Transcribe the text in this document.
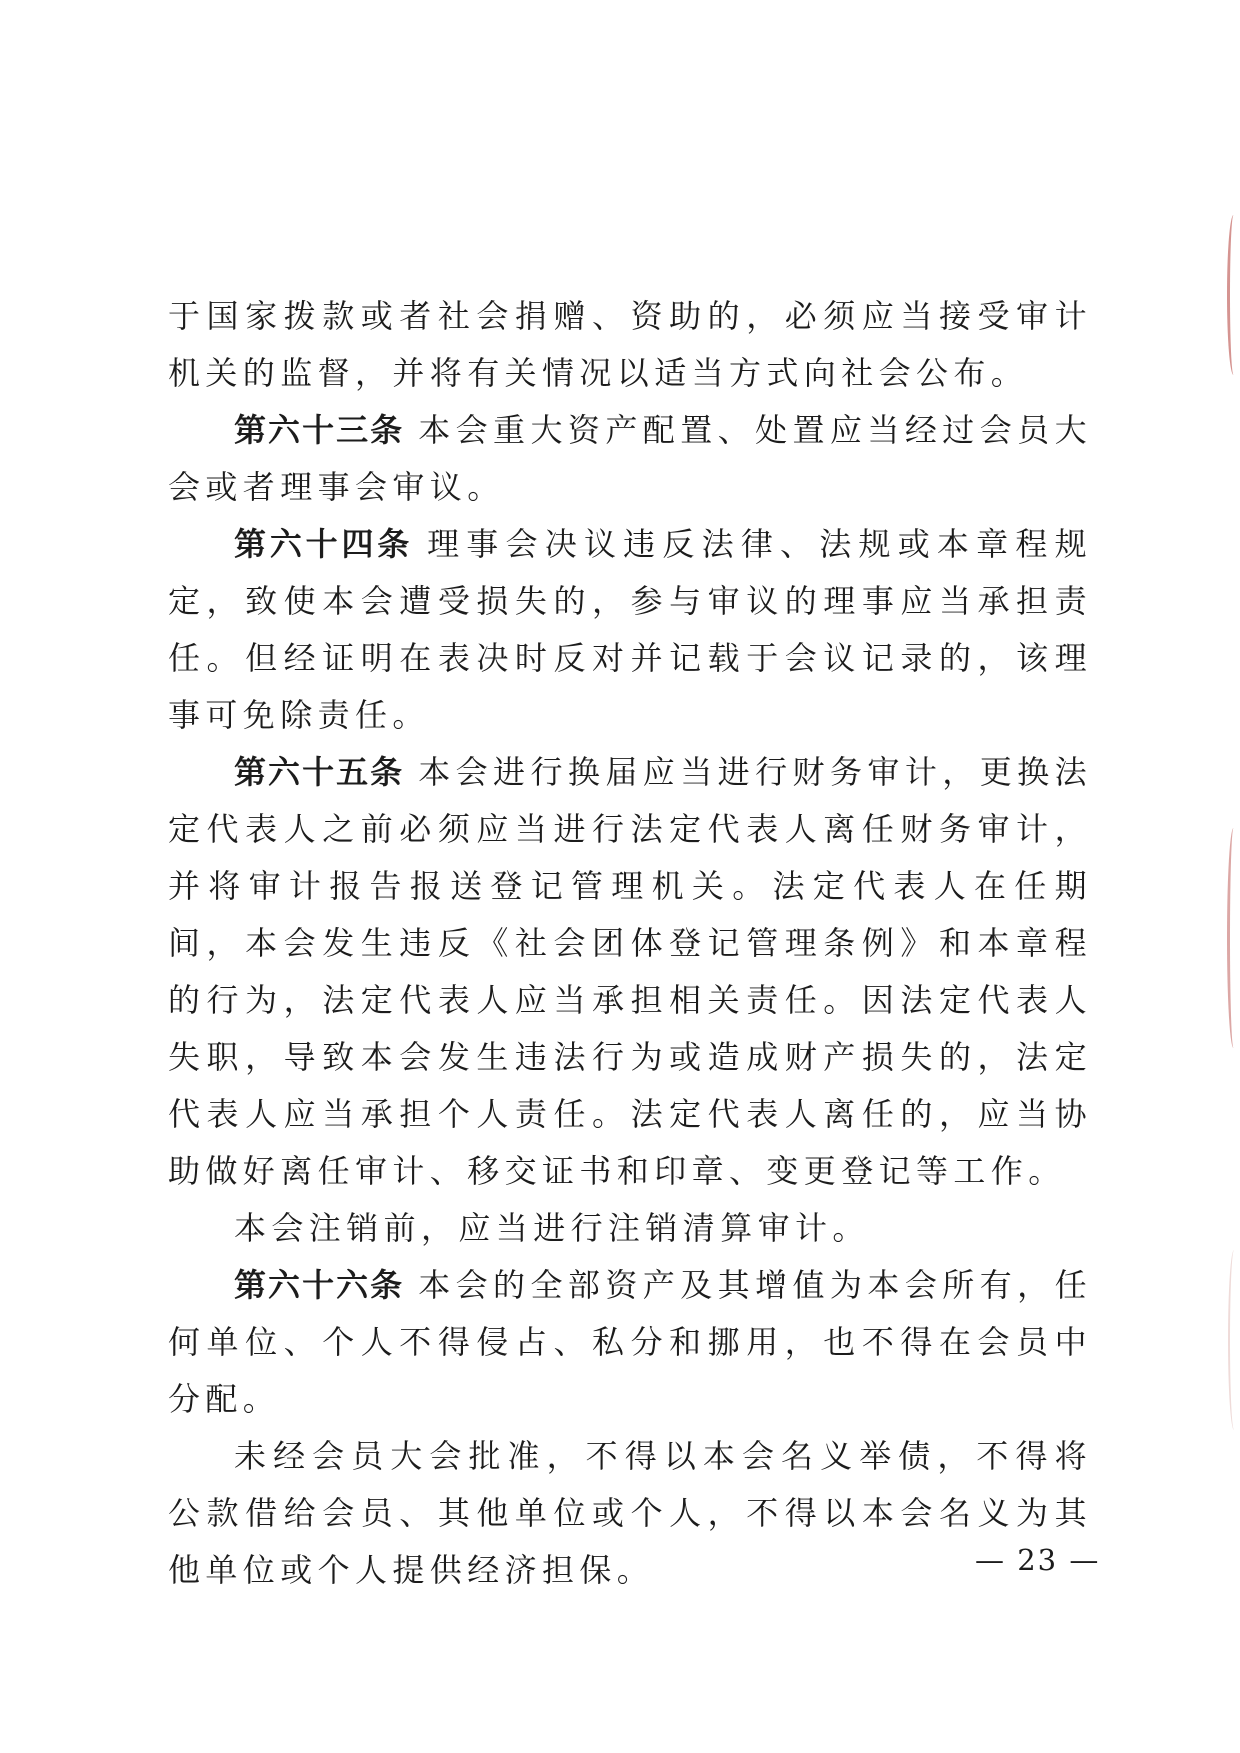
于国家拨款或者社会捐赠、资助的，必须应当接受审计机关的监督，并将有关情况以适当方式向社会公布。

第六十三条 本会重大资产配置、处置应当经过会员大会或者理事会审议。

第六十四条 理事会决议违反法律、法规或本章程规定，致使本会遭受损失的，参与审议的理事应当承担责任。但经证明在表决时反对并记载于会议记录的，该理事可免除责任。

第六十五条 本会进行换届应当进行财务审计，更换法定代表人之前必须应当进行法定代表人离任财务审计，并将审计报告报送登记管理机关。法定代表人在任期间，本会发生违反《社会团体登记管理条例》和本章程的行为，法定代表人应当承担相关责任。因法定代表人失职，导致本会发生违法行为或造成财产损失的，法定代表人应当承担个人责任。法定代表人离任的，应当协助做好离任审计、移交证书和印章、变更登记等工作。

本会注销前，应当进行注销清算审计。

第六十六条 本会的全部资产及其增值为本会所有，任何单位、个人不得侵占、私分和挪用，也不得在会员中分配。

未经会员大会批准，不得以本会名义举债，不得将公款借给会员、其他单位或个人，不得以本会名义为其他单位或个人提供经济担保。	— 23 —
